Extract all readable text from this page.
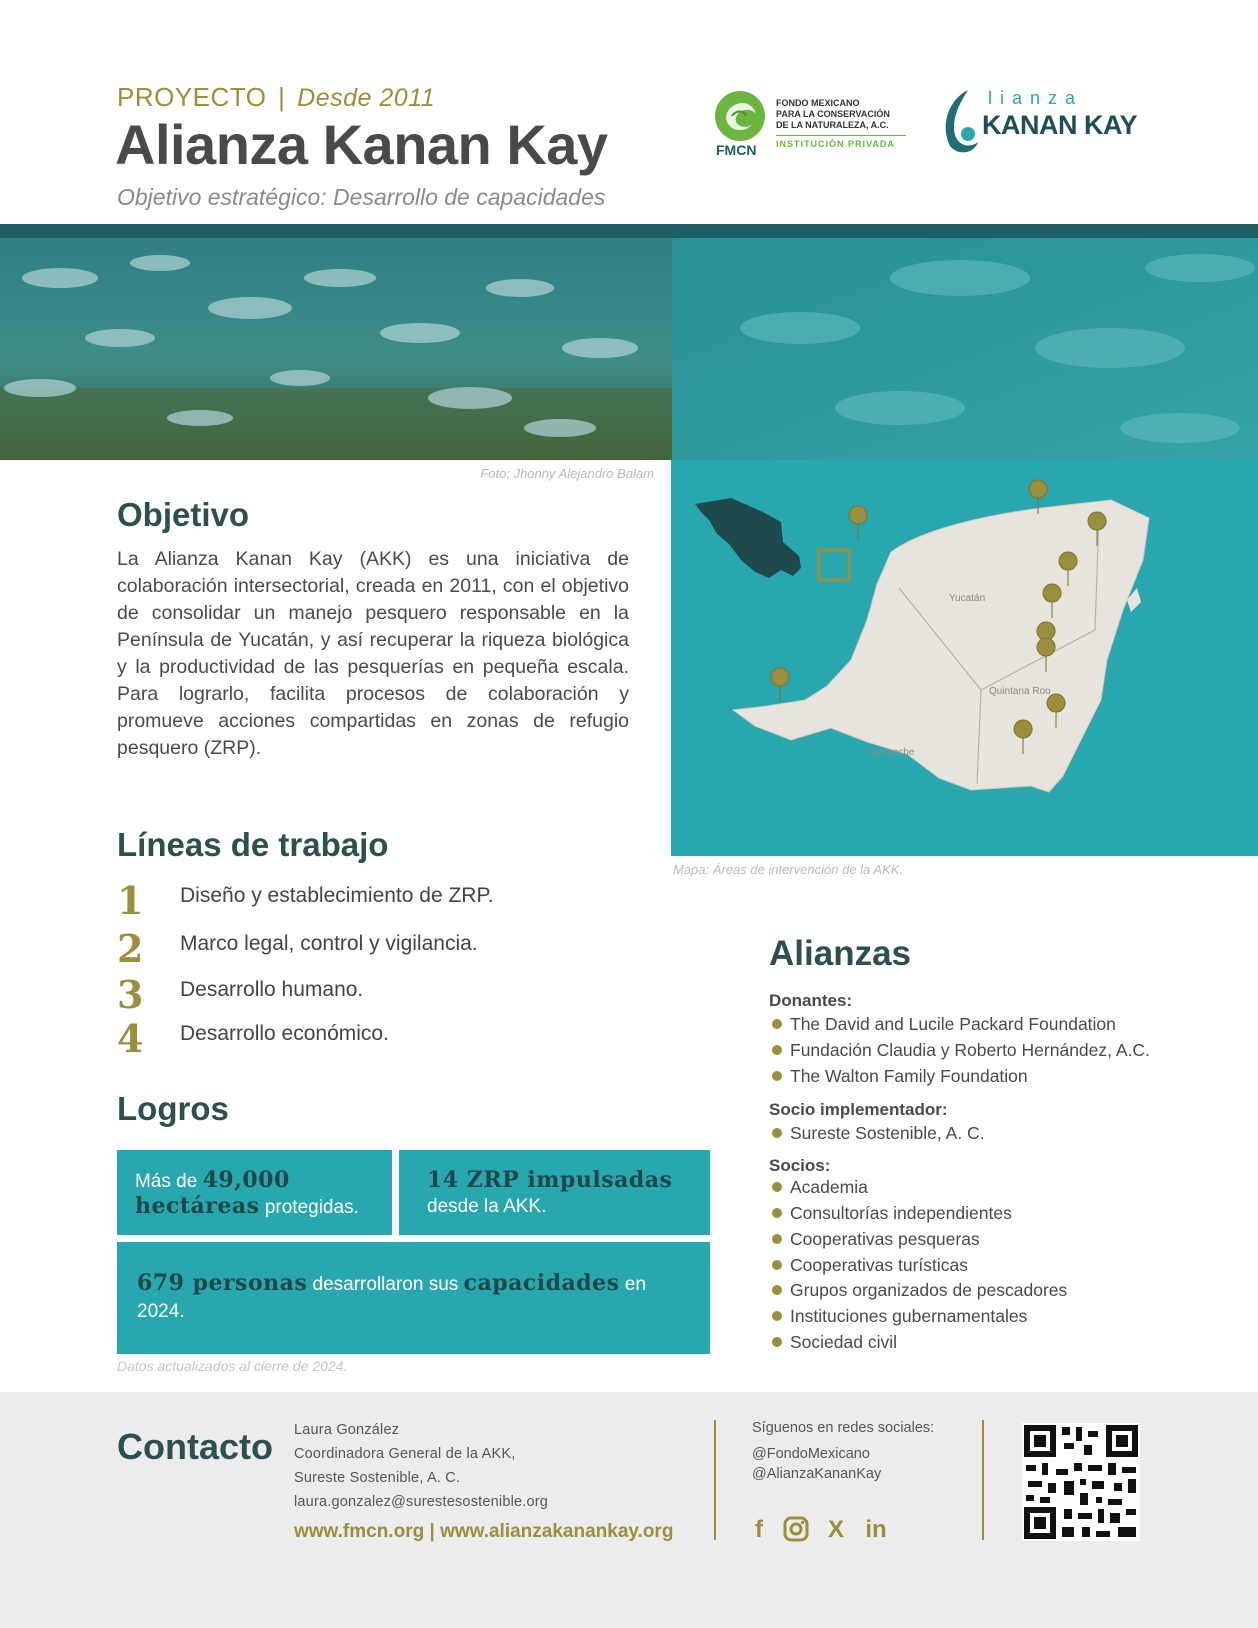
PROYECTO | Desde 2011
Alianza Kanan Kay
Objetivo estratégico: Desarrollo de capacidades
FONDO MEXICANO
PARA LA CONSERVACIÓN
DE LA NATURALEZA, A.C.
INSTITUCIÓN PRIVADA
FMCN
lianza
KANAN KAY
Foto: Jhonny Alejandro Balam
Yucatán
Quintana Roo
Campeche
Mapa: Áreas de intervención de la AKK.
Objetivo
La Alianza Kanan Kay (AKK) es una iniciativa de colaboración intersectorial, creada en 2011, con el objetivo de consolidar un manejo pesquero responsable en la Península de Yucatán, y así recuperar la riqueza biológica y la productividad de las pesquerías en pequeña escala. Para lograrlo, facilita procesos de colaboración y promueve acciones compartidas en zonas de refugio pesquero (ZRP).
Líneas de trabajo
1 Diseño y establecimiento de ZRP.
2 Marco legal, control y vigilancia.
3 Desarrollo humano.
4 Desarrollo económico.
Logros
Más de 49,000
hectáreas protegidas.
14 ZRP impulsadas
desde la AKK.
679 personas desarrollaron sus capacidades en 2024.
Datos actualizados al cierre de 2024.
Alianzas
Donantes:
The David and Lucile Packard Foundation
Fundación Claudia y Roberto Hernández, A.C.
The Walton Family Foundation
Socio implementador:
Sureste Sostenible, A. C.
Socios:
Academia
Consultorías independientes
Cooperativas pesqueras
Cooperativas turísticas
Grupos organizados de pescadores
Instituciones gubernamentales
Sociedad civil
Contacto Laura González
Coordinadora General de la AKK,
Sureste Sostenible, A. C.
laura.gonzalez@surestesostenible.org
www.fmcn.org | www.alianzakanankay.org
Síguenos en redes sociales:
@FondoMexicano
@AlianzaKananKay
f	X in
